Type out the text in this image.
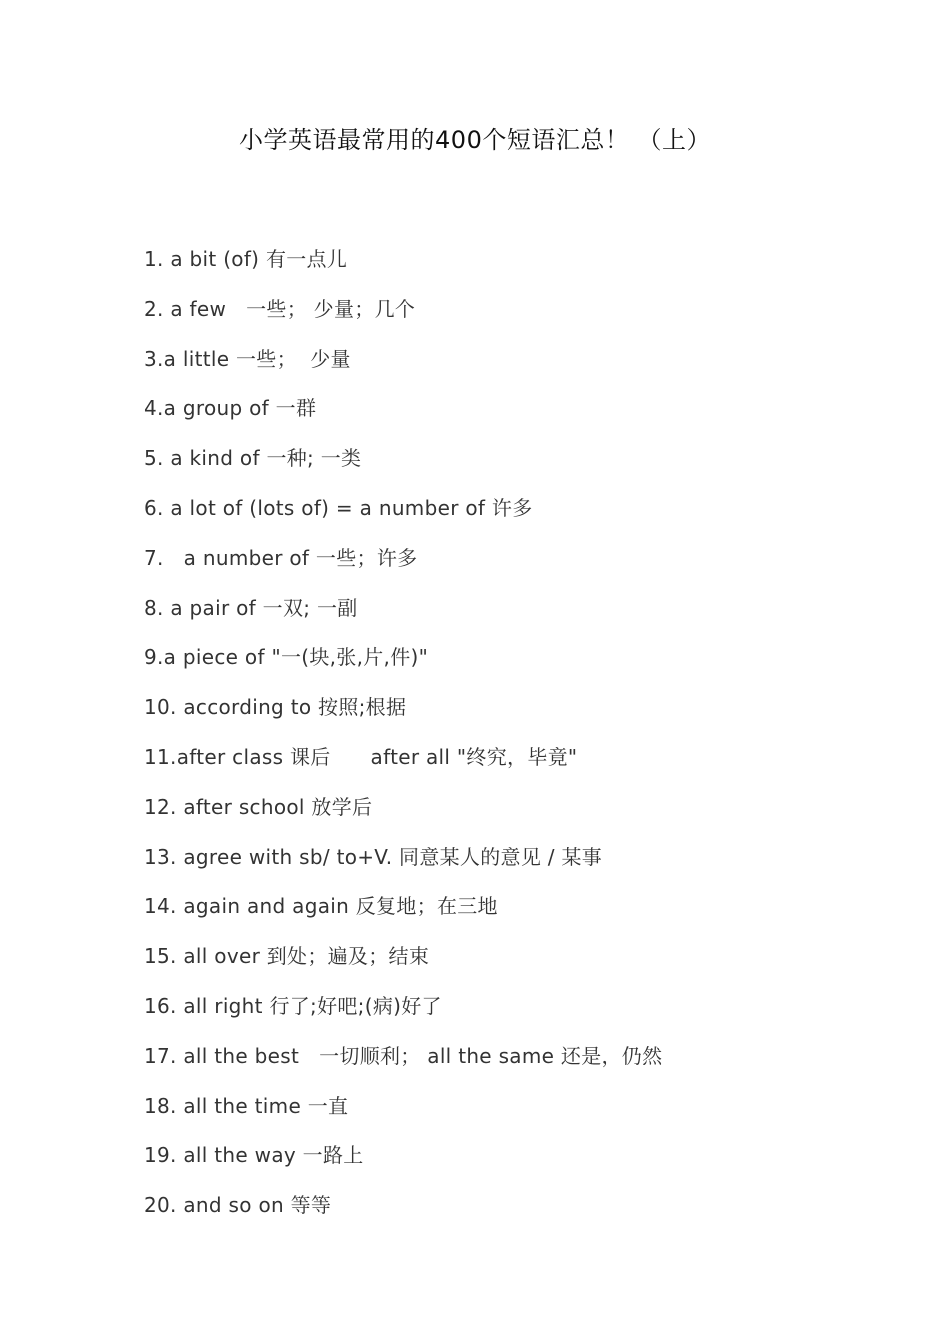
小学英语最常用的400个短语汇总！ （上）
1. a bit (of) 有一点儿
2. a few   一些； 少量；几个
3.a little 一些；  少量
4.a group of 一群
5. a kind of 一种; 一类
6. a lot of (lots of) = a number of 许多
7.   a number of 一些；许多
8. a pair of 一双; 一副
9.a piece of "一(块,张,片,件)"
10. according to 按照;根据
11.after class 课后      after all "终究，毕竟"
12. after school 放学后
13. agree with sb/ to+V. 同意某人的意见 / 某事
14. again and again 反复地；在三地
15. all over 到处；遍及；结束
16. all right 行了;好吧;(病)好了
17. all the best   一切顺利； all the same 还是，仍然
18. all the time 一直
19. all the way 一路上
20. and so on 等等
